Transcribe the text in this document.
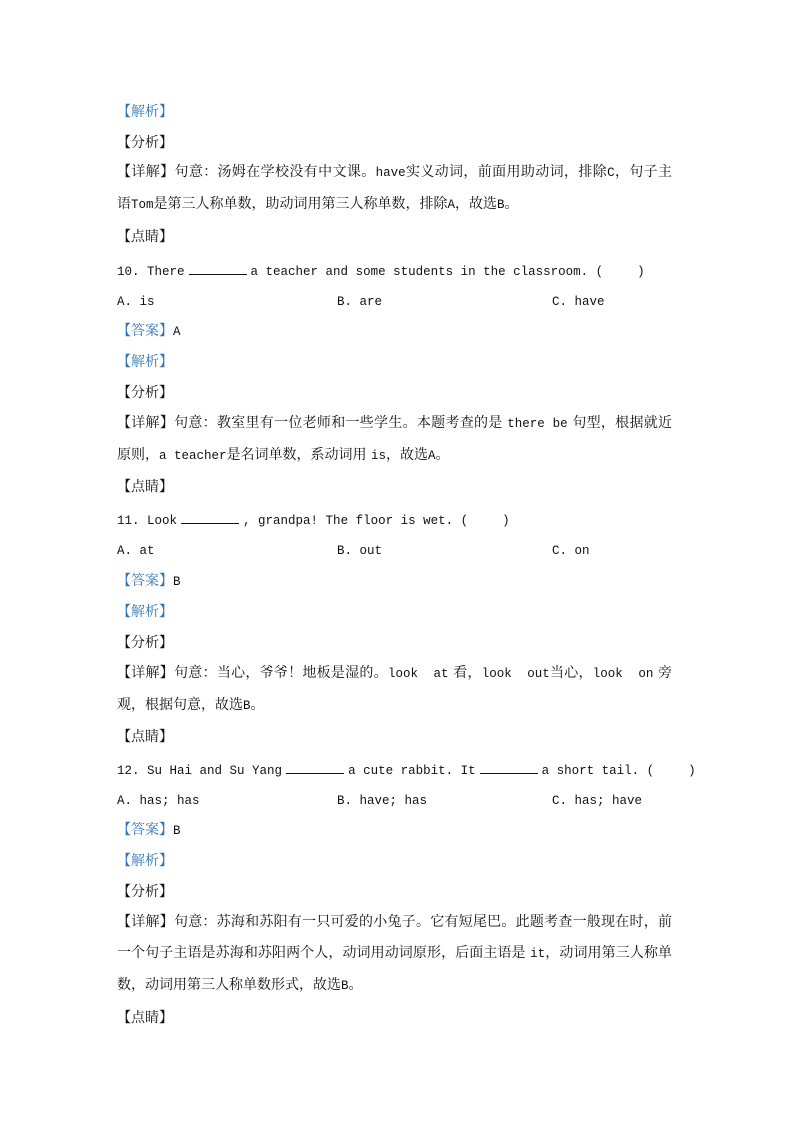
【解析】
【分析】
【详解】句意：汤姆在学校没有中文课。have实义动词，前面用助动词，排除C，句子主语Tom是第三人称单数，助动词用第三人称单数，排除A，故选B。
【点睛】
10. There	a teacher and some students in the classroom. (	)
A. is	B. are	C. have
【答案】A
【解析】
【分析】
【详解】句意：教室里有一位老师和一些学生。本题考查的是 there be 句型，根据就近原则，a teacher是名词单数，系动词用 is，故选A。
【点睛】
11. Look	, grandpa! The floor is wet. (	)
A. at	B. out	C. on
【答案】B
【解析】
【分析】
【详解】句意：当心，爷爷！地板是湿的。look  at 看，look  out当心，look  on 旁观，根据句意，故选B。
【点睛】
12. Su Hai and Su Yang	a cute rabbit. It	a short tail. (	)
A. has; has	B. have; has	C. has; have
【答案】B
【解析】
【分析】
【详解】句意：苏海和苏阳有一只可爱的小兔子。它有短尾巴。此题考查一般现在时，前一个句子主语是苏海和苏阳两个人，动词用动词原形，后面主语是 it，动词用第三人称单数，动词用第三人称单数形式，故选B。
【点睛】
